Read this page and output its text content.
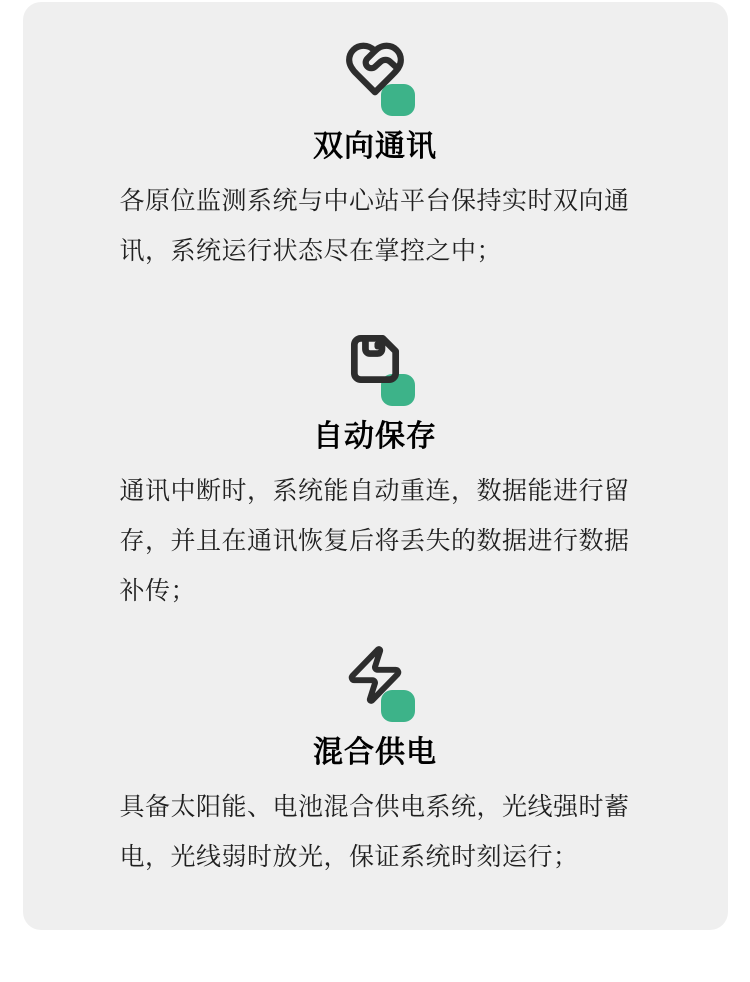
双向通讯

各原位监测系统与中心站平台保持实时双向通
讯，系统运行状态尽在掌控之中；

自动保存

通讯中断时，系统能自动重连，数据能进行留
存，并且在通讯恢复后将丢失的数据进行数据
补传；

混合供电

具备太阳能、电池混合供电系统，光线强时蓄
电，光线弱时放光，保证系统时刻运行；
